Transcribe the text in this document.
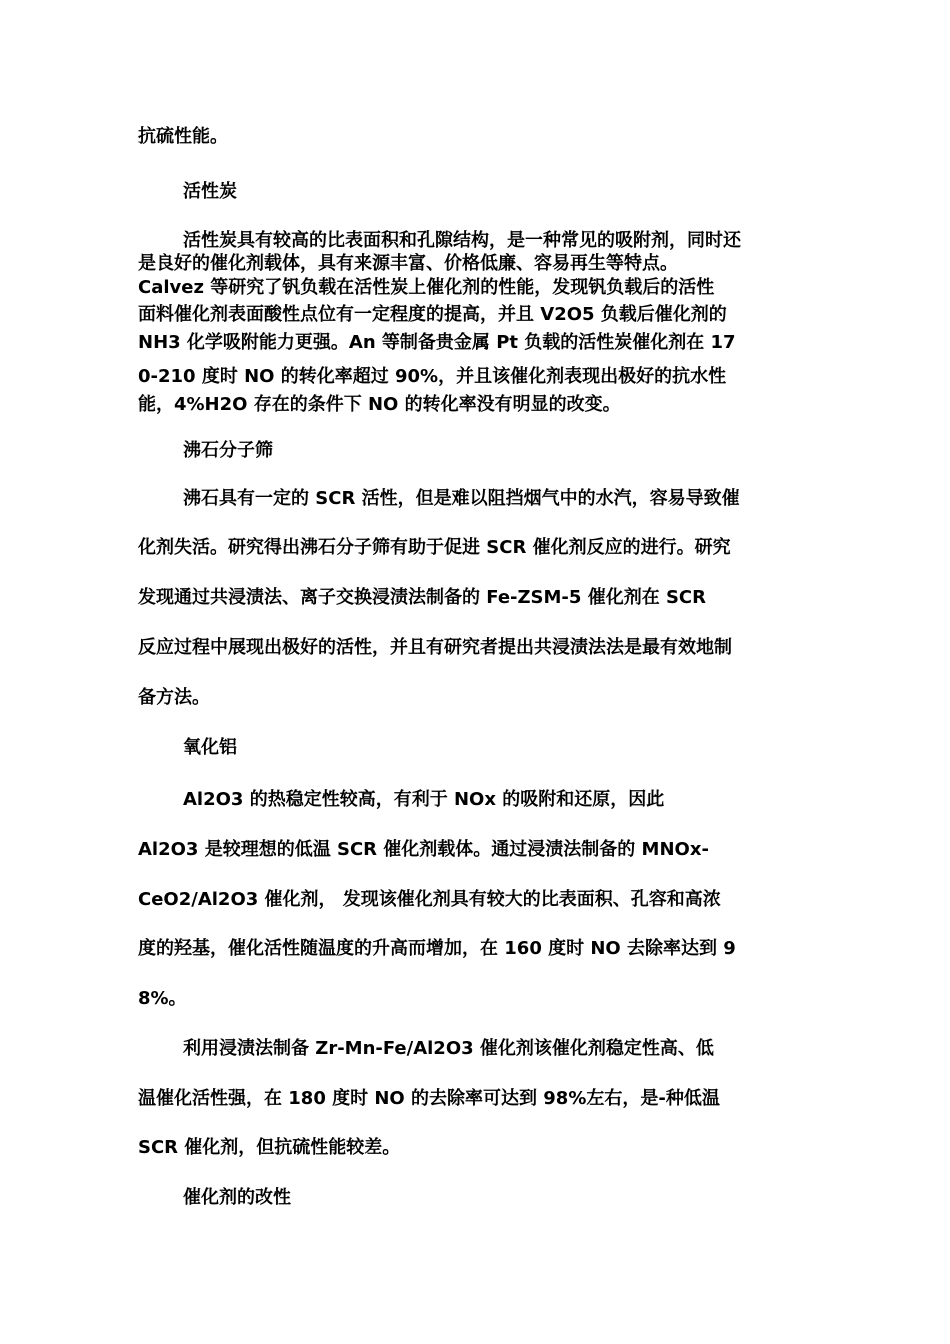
抗硫性能。
活性炭
活性炭具有较高的比表面积和孔隙结构，是一种常见的吸附剂，同时还
是良好的催化剂载体，具有来源丰富、价格低廉、容易再生等特点。
Calvez 等研究了钒负载在活性炭上催化剂的性能，发现钒负载后的活性
面料催化剂表面酸性点位有一定程度的提高，并且 V2O5 负载后催化剂的
NH3 化学吸附能力更强。An 等制备贵金属 Pt 负载的活性炭催化剂在 17
0-210 度时 NO 的转化率超过 90%，并且该催化剂表现出极好的抗水性
能，4%H2O 存在的条件下 NO 的转化率没有明显的改变。
沸石分子筛
沸石具有一定的 SCR 活性，但是难以阻挡烟气中的水汽，容易导致催
化剂失活。研究得出沸石分子筛有助于促进 SCR 催化剂反应的进行。研究
发现通过共浸渍法、离子交换浸渍法制备的 Fe-ZSM-5 催化剂在 SCR
反应过程中展现出极好的活性，并且有研究者提出共浸渍法法是最有效地制
备方法。
氧化铝
Al2O3 的热稳定性较高，有利于 NOx 的吸附和还原，因此
Al2O3 是较理想的低温 SCR 催化剂载体。通过浸渍法制备的 MNOx-
CeO2/Al2O3 催化剂， 发现该催化剂具有较大的比表面积、孔容和高浓
度的羟基，催化活性随温度的升高而增加，在 160 度时 NO 去除率达到 9
8%。
利用浸渍法制备 Zr-Mn-Fe/Al2O3 催化剂该催化剂稳定性高、低
温催化活性强，在 180 度时 NO 的去除率可达到 98%左右，是-种低温
SCR 催化剂，但抗硫性能较差。
催化剂的改性
